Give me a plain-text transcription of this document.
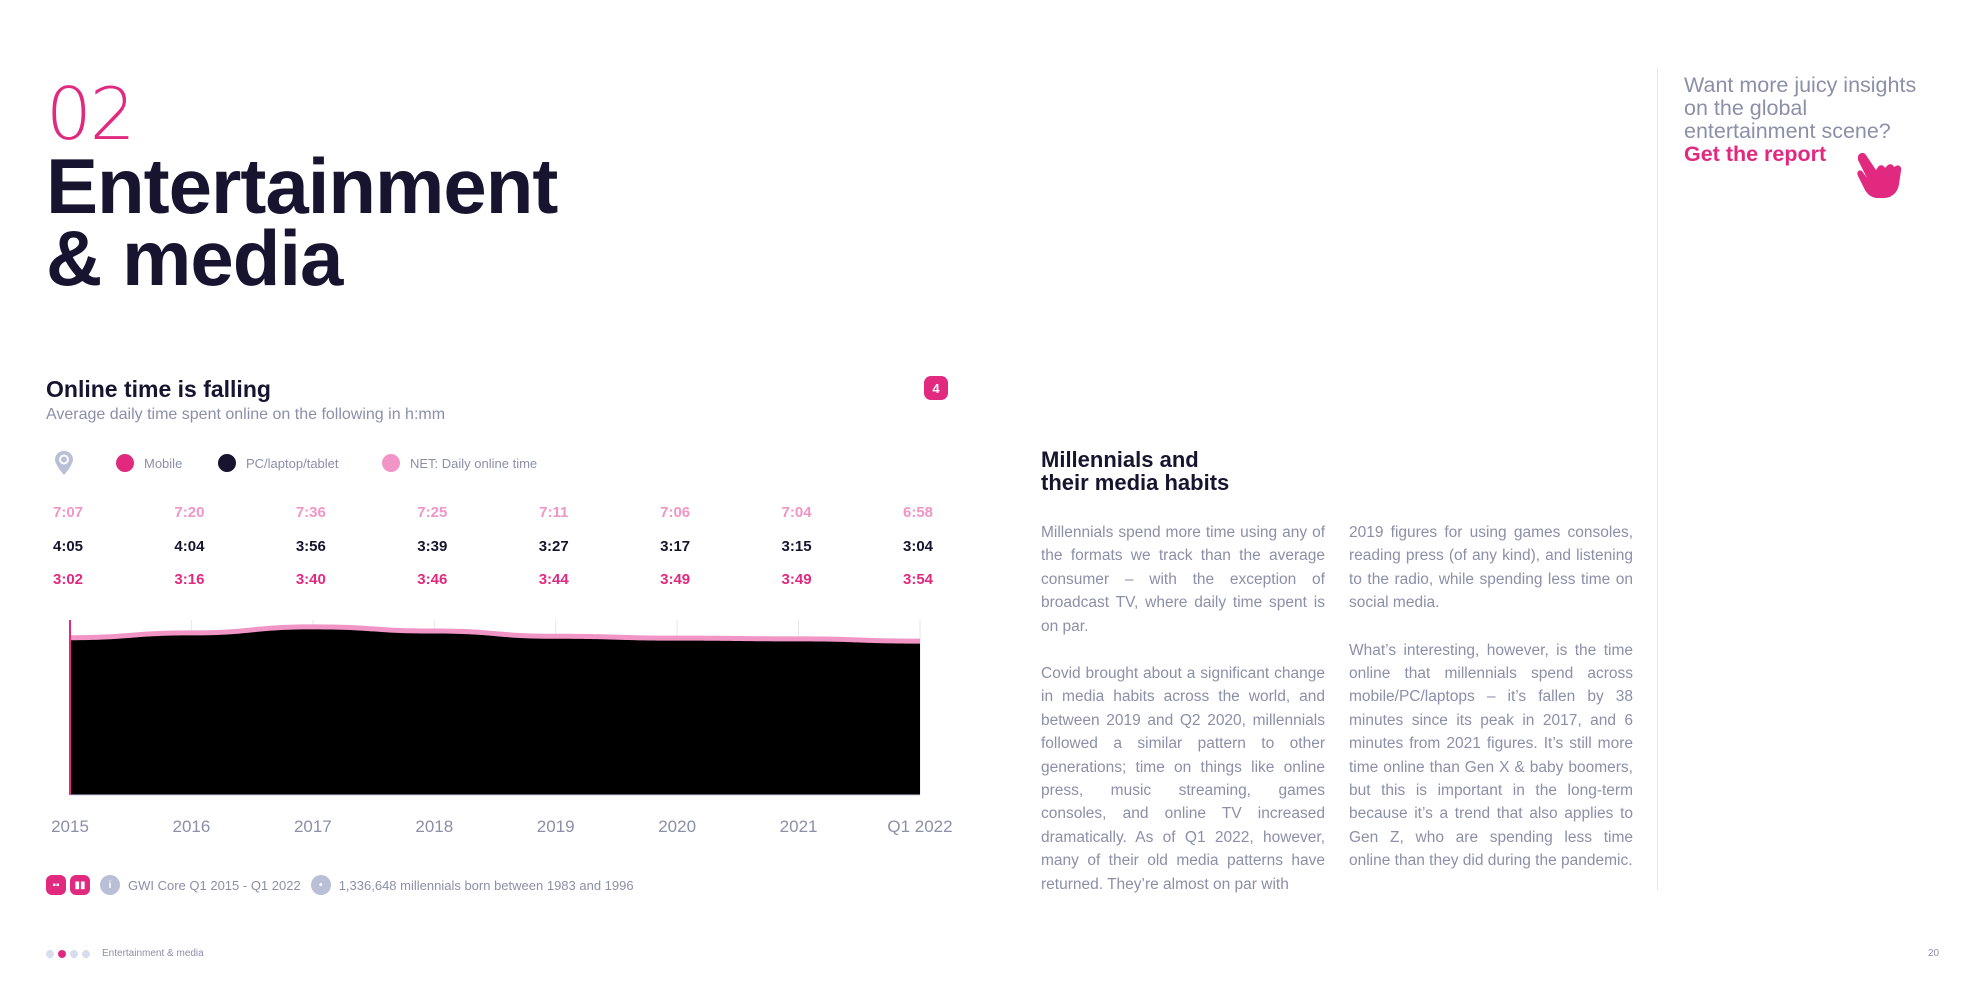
02
Entertainment
& media
Online time is falling
Average daily time spent online on the following in h:mm
4
Mobile	PC/laptop/tablet	NET: Daily online time
7:07	7:20	7:36	7:25	7:11	7:06	7:04	6:58
4:05	4:04	3:56	3:39	3:27	3:17	3:15	3:04
3:02	3:16	3:40	3:46	3:44	3:49	3:49	3:54
2015	2016	2017	2018	2019	2020	2021	Q1 2022
▪▪	▮▮	i	GWI Core Q1 2015 - Q1 2022	•	1,336,648 millennials born between 1983 and 1996
Millennials and
their media habits

Millennials spend more time using any of the formats we track than the average consumer – with the exception of broadcast TV, where daily time spent is on par.

Covid brought about a significant change in media habits across the world, and between 2019 and Q2 2020, millennials followed a similar pattern to other generations; time on things like online press, music streaming, games consoles, and online TV increased dramatically. As of Q1 2022, however, many of their old media patterns have returned. They’re almost on par with

2019 figures for using games consoles, reading press (of any kind), and listening to the radio, while spending less time on social media.

What’s interesting, however, is the time online that millennials spend across mobile/PC/laptops – it’s fallen by 38 minutes since its peak in 2017, and 6 minutes from 2021 figures. It’s still more time online than Gen X & baby boomers, but this is important in the long-term because it’s a trend that also applies to Gen Z, who are spending less time online than they did during the pandemic.

Want more juicy insights on the global entertainment scene?
Get the report
Entertainment & media	20
